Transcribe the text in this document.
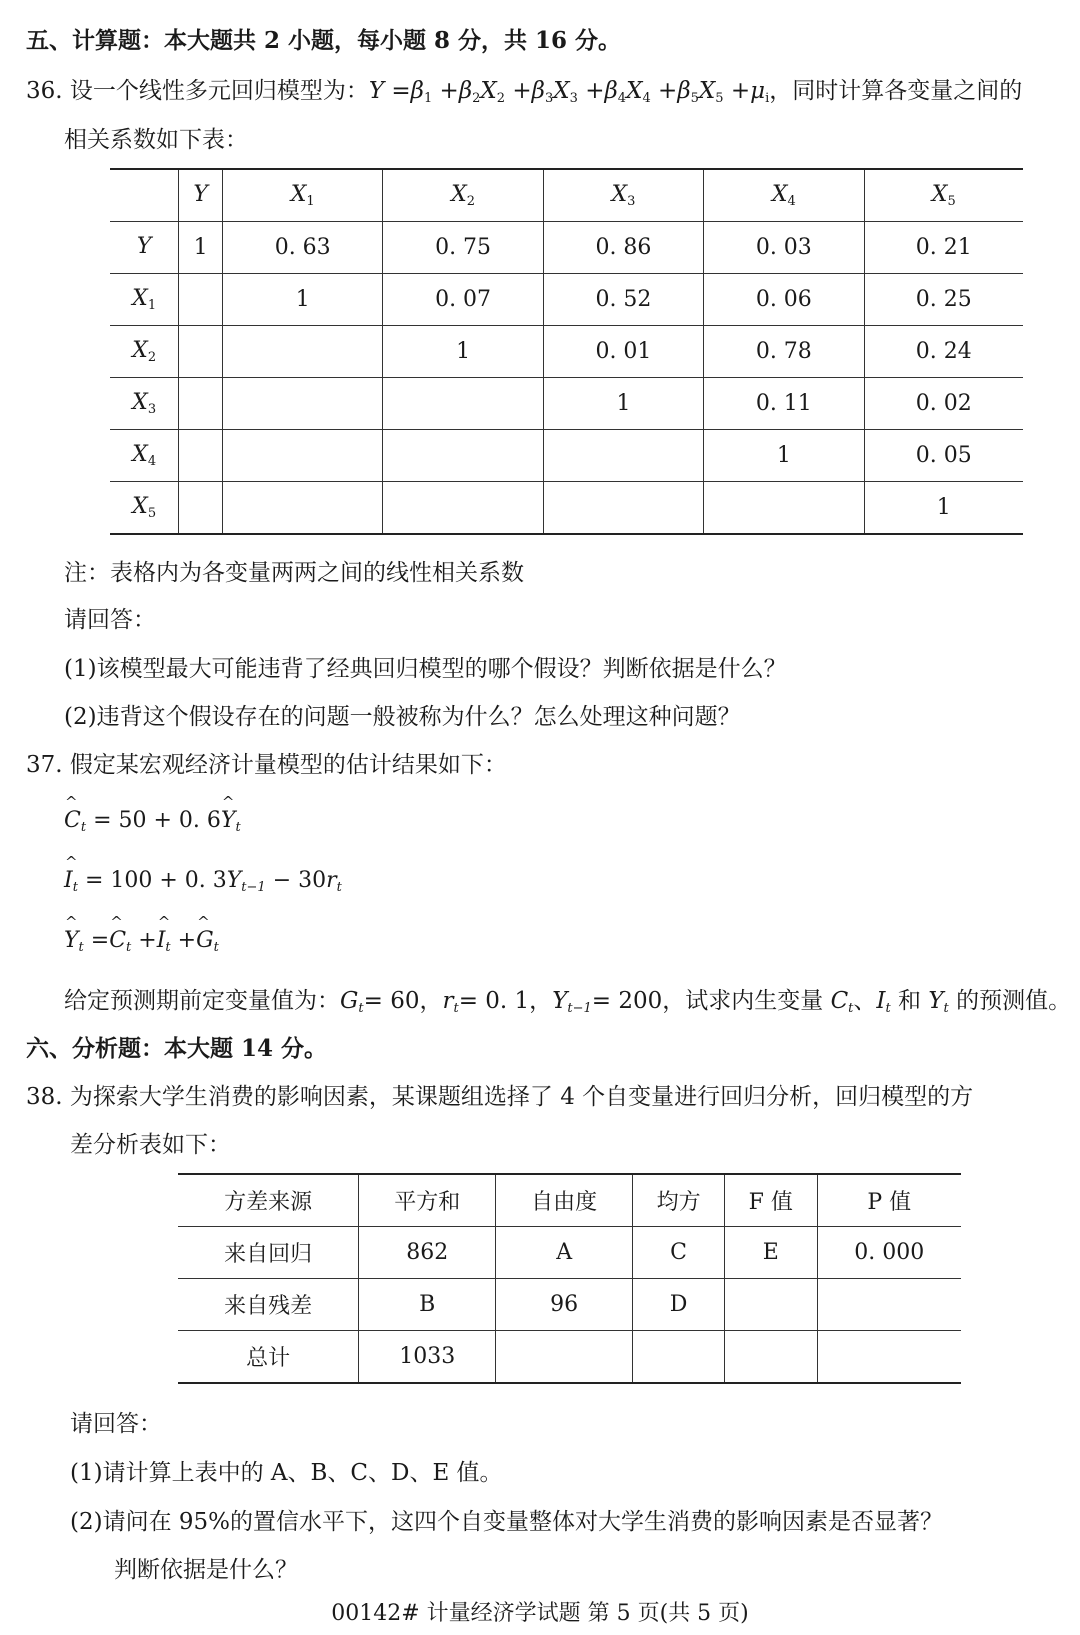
五、计算题：本大题共 2 小题，每小题 8 分，共 16 分。
36. 设一个线性多元回归模型为：$Y =\beta_1 +\beta_2X_2 +\beta_3X_3 +\beta_4X_4 +\beta_5X_5 +\mu_i$，同时计算各变量之间的
相关系数如下表：
	Y	$X_1$	$X_2$	$X_3$	$X_4$	$X_5$
Y	1	0. 63	0. 75	0. 86	0. 03	0. 21
$X_1$		1	0. 07	0. 52	0. 06	0. 25
$X_2$			1	0. 01	0. 78	0. 24
$X_3$				1	0. 11	0. 02
$X_4$					1	0. 05
$X_5$						1
注：表格内为各变量两两之间的线性相关系数
请回答：
(1)该模型最大可能违背了经典回归模型的哪个假设？判断依据是什么？
(2)违背这个假设存在的问题一般被称为什么？怎么处理这种问题？
37. 假定某宏观经济计量模型的估计结果如下：
^ $C_t = 50 + 0$. 6^ $Y_t$
^ $I_t = 100 + 0$. $3Y_{t-1} - 30r_t$
^ $Y_t$ =^ $C_t$ +^ $I_t$ +^ $G_t$
给定预测期前定变量值为：$G_t= 60$，$r_t= 0$. 1，$Y_{t-1}= 200$，试求内生变量 $C_t$、$I_t$ 和 $Y_t$ 的预测值。
六、分析题：本大题 14 分。
38. 为探索大学生消费的影响因素，某课题组选择了 4 个自变量进行回归分析，回归模型的方
差分析表如下：
方差来源	平方和	自由度	均方	F 值	P 值
来自回归	862	A	C	E	0. 000
来自残差	B	96	D		
总计	1033				
请回答：
(1)请计算上表中的 A、B、C、D、E 值。
(2)请问在 95%的置信水平下，这四个自变量整体对大学生消费的影响因素是否显著？
判断依据是什么？
00142# 计量经济学试题 第 5 页(共 5 页)
